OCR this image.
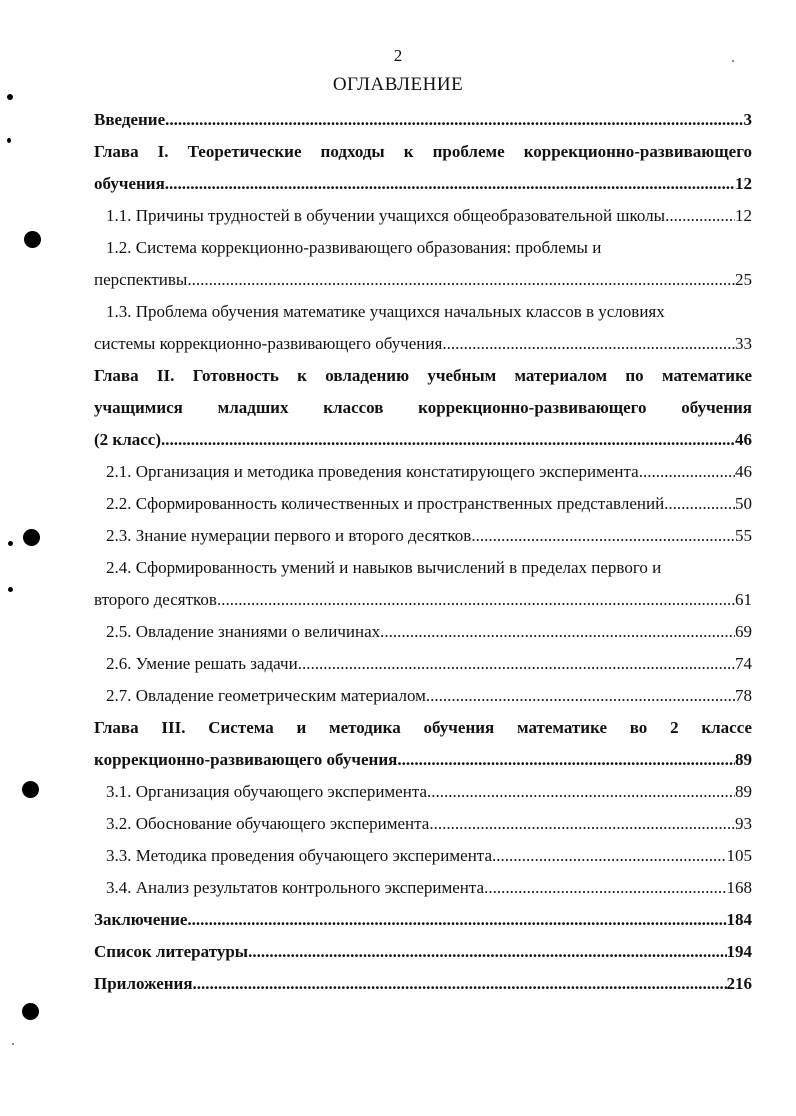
2
ОГЛАВЛЕНИЕ
Введение .....	3
Глава I. Теоретические подходы к проблеме коррекционно-развивающего
обучения .....	12
1.1. Причины трудностей в обучении учащихся общеобразовательной школы .....	12
1.2. Система коррекционно-развивающего образования: проблемы и
перспективы .....	25
1.3. Проблема обучения математике учащихся начальных классов в условиях
системы коррекционно-развивающего обучения .....	33
Глава II. Готовность к овладению учебным материалом по математике
учащимися младших классов коррекционно-развивающего обучения
(2 класс) .....	46
2.1. Организация и методика проведения констатирующего эксперимента .....	46
2.2. Сформированность количественных и пространственных представлений .....	50
2.3. Знание нумерации первого и второго десятков .....	55
2.4. Сформированность умений и навыков вычислений в пределах первого и
второго десятков .....	61
2.5. Овладение знаниями о величинах .....	69
2.6. Умение решать задачи .....	74
2.7. Овладение геометрическим материалом .....	78
Глава III. Система и методика обучения математике во 2 классе
коррекционно-развивающего обучения .....	89
3.1. Организация обучающего эксперимента .....	89
3.2. Обоснование обучающего эксперимента .....	93
3.3. Методика проведения обучающего эксперимента .....	105
3.4. Анализ результатов контрольного эксперимента .....	168
Заключение .....	184
Список литературы .....	194
Приложения .....	216
